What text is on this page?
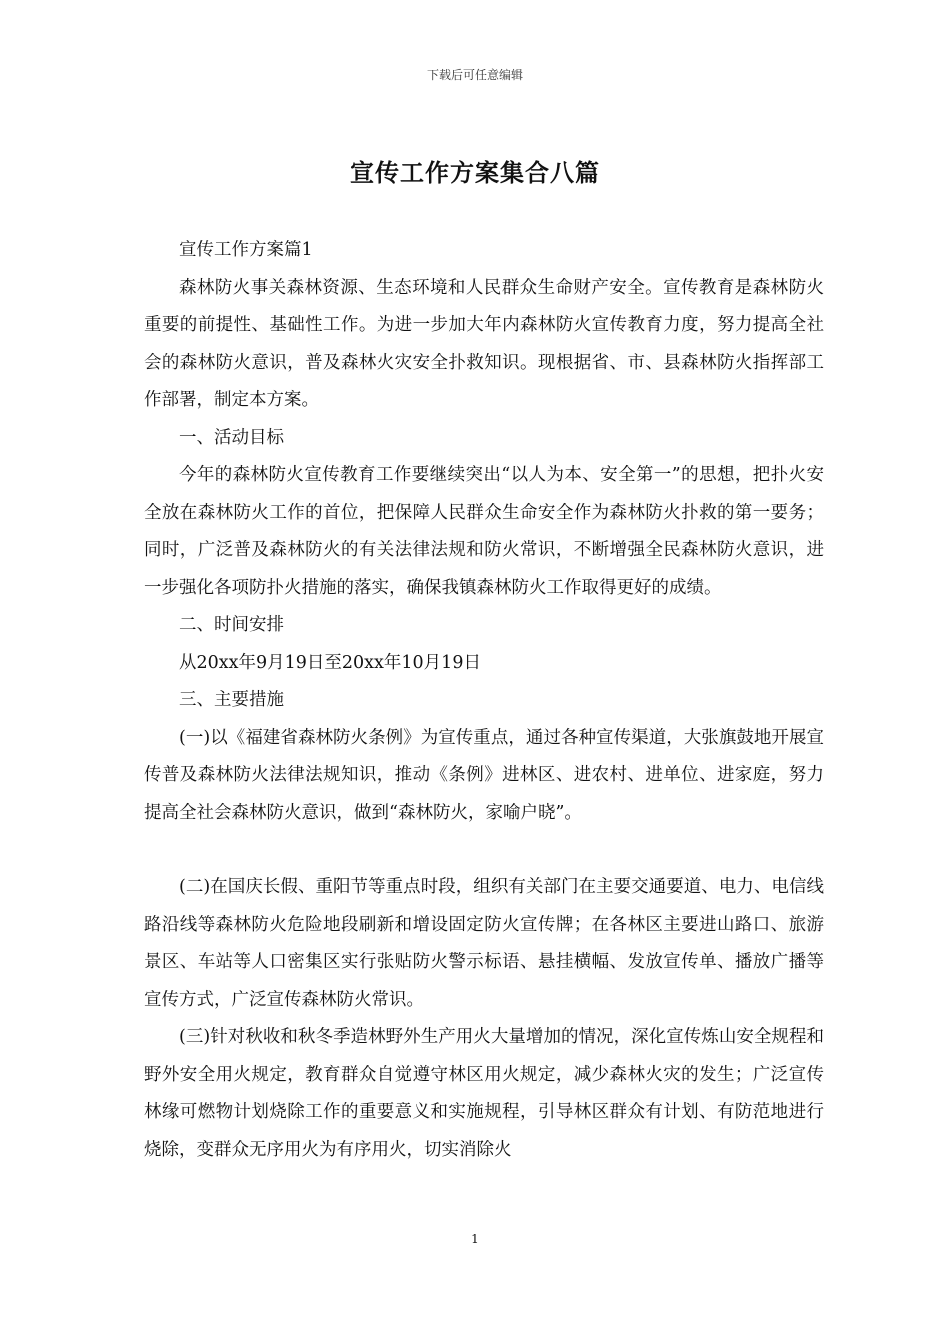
下载后可任意编辑
宣传工作方案集合八篇

宣传工作方案篇1

森林防火事关森林资源、生态环境和人民群众生命财产安全。宣传教育是森林防火重要的前提性、基础性工作。为进一步加大年内森林防火宣传教育力度，努力提高全社会的森林防火意识，普及森林火灾安全扑救知识。现根据省、市、县森林防火指挥部工作部署，制定本方案。

一、活动目标

今年的森林防火宣传教育工作要继续突出“以人为本、安全第一”的思想，把扑火安全放在森林防火工作的首位，把保障人民群众生命安全作为森林防火扑救的第一要务；同时，广泛普及森林防火的有关法律法规和防火常识，不断增强全民森林防火意识，进一步强化各项防扑火措施的落实，确保我镇森林防火工作取得更好的成绩。

二、时间安排

从20xx年9月19日至20xx年10月19日

三、主要措施

(一)以《福建省森林防火条例》为宣传重点，通过各种宣传渠道，大张旗鼓地开展宣传普及森林防火法律法规知识，推动《条例》进林区、进农村、进单位、进家庭，努力提高全社会森林防火意识，做到“森林防火，家喻户晓”。

(二)在国庆长假、重阳节等重点时段，组织有关部门在主要交通要道、电力、电信线路沿线等森林防火危险地段刷新和增设固定防火宣传牌；在各林区主要进山路口、旅游景区、车站等人口密集区实行张贴防火警示标语、悬挂横幅、发放宣传单、播放广播等宣传方式，广泛宣传森林防火常识。

(三)针对秋收和秋冬季造林野外生产用火大量增加的情况，深化宣传炼山安全规程和野外安全用火规定，教育群众自觉遵守林区用火规定，减少森林火灾的发生；广泛宣传林缘可燃物计划烧除工作的重要意义和实施规程，引导林区群众有计划、有防范地进行烧除，变群众无序用火为有序用火，切实消除火

1
